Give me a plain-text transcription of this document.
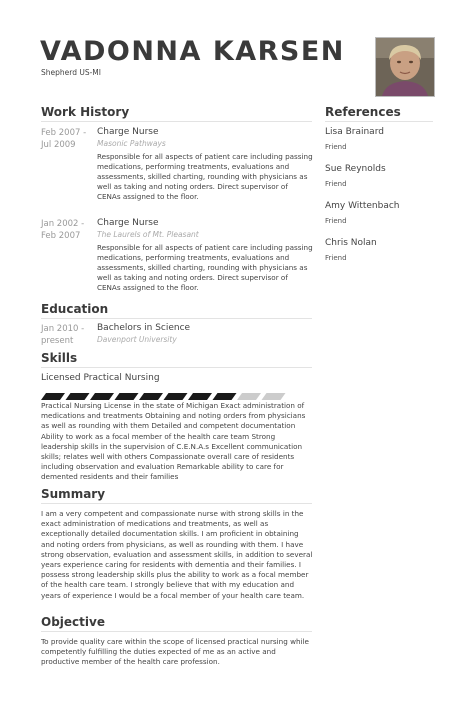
VADONNA KARSEN
Shepherd US-MI
Work History
Feb 2007 -
Jul 2009
Charge Nurse
Masonic Pathways
Responsible for all aspects of patient care including passing medications, performing treatments, evaluations and assessments, skilled charting, rounding with physicians as well as taking and noting orders. Direct supervisor of CENAs assigned to the floor.
Jan 2002 -
Feb 2007
Charge Nurse
The Laurels of Mt. Pleasant
Responsible for all aspects of patient care including passing medications, performing treatments, evaluations and assessments, skilled charting, rounding with physicians as well as taking and noting orders. Direct supervisor of CENAs assigned to the floor.
References
Lisa Brainard
Friend
Sue Reynolds
Friend
Amy Wittenbach
Friend
Chris Nolan
Friend
Education
Jan 2010 -
present
Bachelors in Science
Davenport University
Skills
Licensed Practical Nursing
Practical Nursing License in the state of Michigan Exact administration of medications and treatments Obtaining and noting orders from physicians as well as rounding with them Detailed and competent documentation Ability to work as a focal member of the health care team Strong leadership skills in the supervision of C.E.N.A.s Excellent communication skills; relates well with others Compassionate overall care of residents including observation and evaluation Remarkable ability to care for demented residents and their families
Summary
I am a very competent and compassionate nurse with strong skills in the exact administration of medications and treatments, as well as exceptionally detailed documentation skills. I am proficient in obtaining and noting orders from physicians, as well as rounding with them. I have strong observation, evaluation and assessment skills, in addition to several years experience caring for residents with dementia and their families. I possess strong leadership skills plus the ability to work as a focal member of the health care team. I strongly believe that with my education and years of experience I would be a focal member of your health care team.
Objective
To provide quality care within the scope of licensed practical nursing while competently fulfilling the duties expected of me as an active and productive member of the health care profession.
